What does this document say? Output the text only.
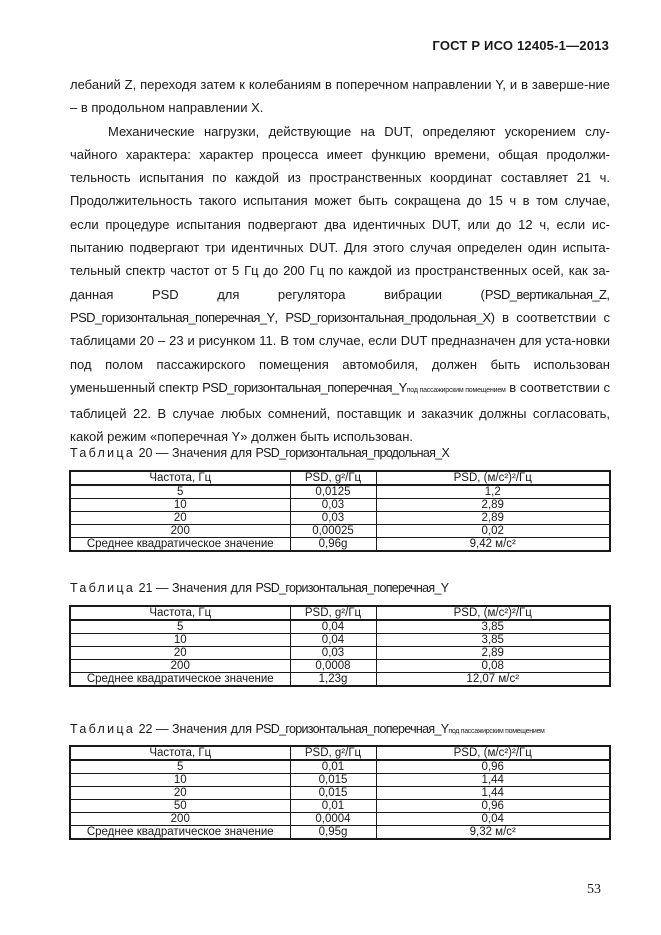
ГОСТ Р ИСО 12405-1—2013

лебаний Z, переходя затем к колебаниям в поперечном направлении Y, и в заверше-ние – в продольном направлении X.

Механические нагрузки, действующие на DUT, определяют ускорением слу-чайного характера: характер процесса имеет функцию времени, общая продолжи-тельность испытания по каждой из пространственных координат составляет 21 ч. Продолжительность такого испытания может быть сокращена до 15 ч в том случае, если процедуре испытания подвергают два идентичных DUT, или до 12 ч, если ис-пытанию подвергают три идентичных DUT. Для этого случая определен один испыта-тельный спектр частот от 5 Гц до 200 Гц по каждой из пространственных осей, как за-данная PSD для регулятора вибрации (PSD_вертикальная_Z, PSD_горизонтальная_поперечная_Y, PSD_горизонтальная_продольная_X) в соответствии с таблицами 20 – 23 и рисунком 11. В том случае, если DUT предназначен для уста-новки под полом пассажирского помещения автомобиля, должен быть использован уменьшенный спектр PSD_горизонтальная_поперечная_Yпод пассажирским помещением в соответствии с таблицей 22. В случае любых сомнений, поставщик и заказчик должны согласовать, какой режим «поперечная Y» должен быть использован.

Таблица 20 — Значения для PSD_горизонтальная_продольная_X
Частота, Гц	PSD, g²/Гц	PSD, (м/с²)²/Гц
5	0,0125	1,2
10	0,03	2,89
20	0,03	2,89
200	0,00025	0,02
Среднее квадратическое значение	0,96g	9,42 м/с²
Таблица 21 — Значения для PSD_горизонтальная_поперечная_Y
Частота, Гц	PSD, g²/Гц	PSD, (м/с²)²/Гц
5	0,04	3,85
10	0,04	3,85
20	0,03	2,89
200	0,0008	0,08
Среднее квадратическое значение	1,23g	12,07 м/с²
Таблица 22 — Значения для PSD_горизонтальная_поперечная_Yпод пассажирским помещением
Частота, Гц	PSD, g²/Гц	PSD, (м/с²)²/Гц
5	0,01	0,96
10	0,015	1,44
20	0,015	1,44
50	0,01	0,96
200	0,0004	0,04
Среднее квадратическое значение	0,95g	9,32 м/с²
53
